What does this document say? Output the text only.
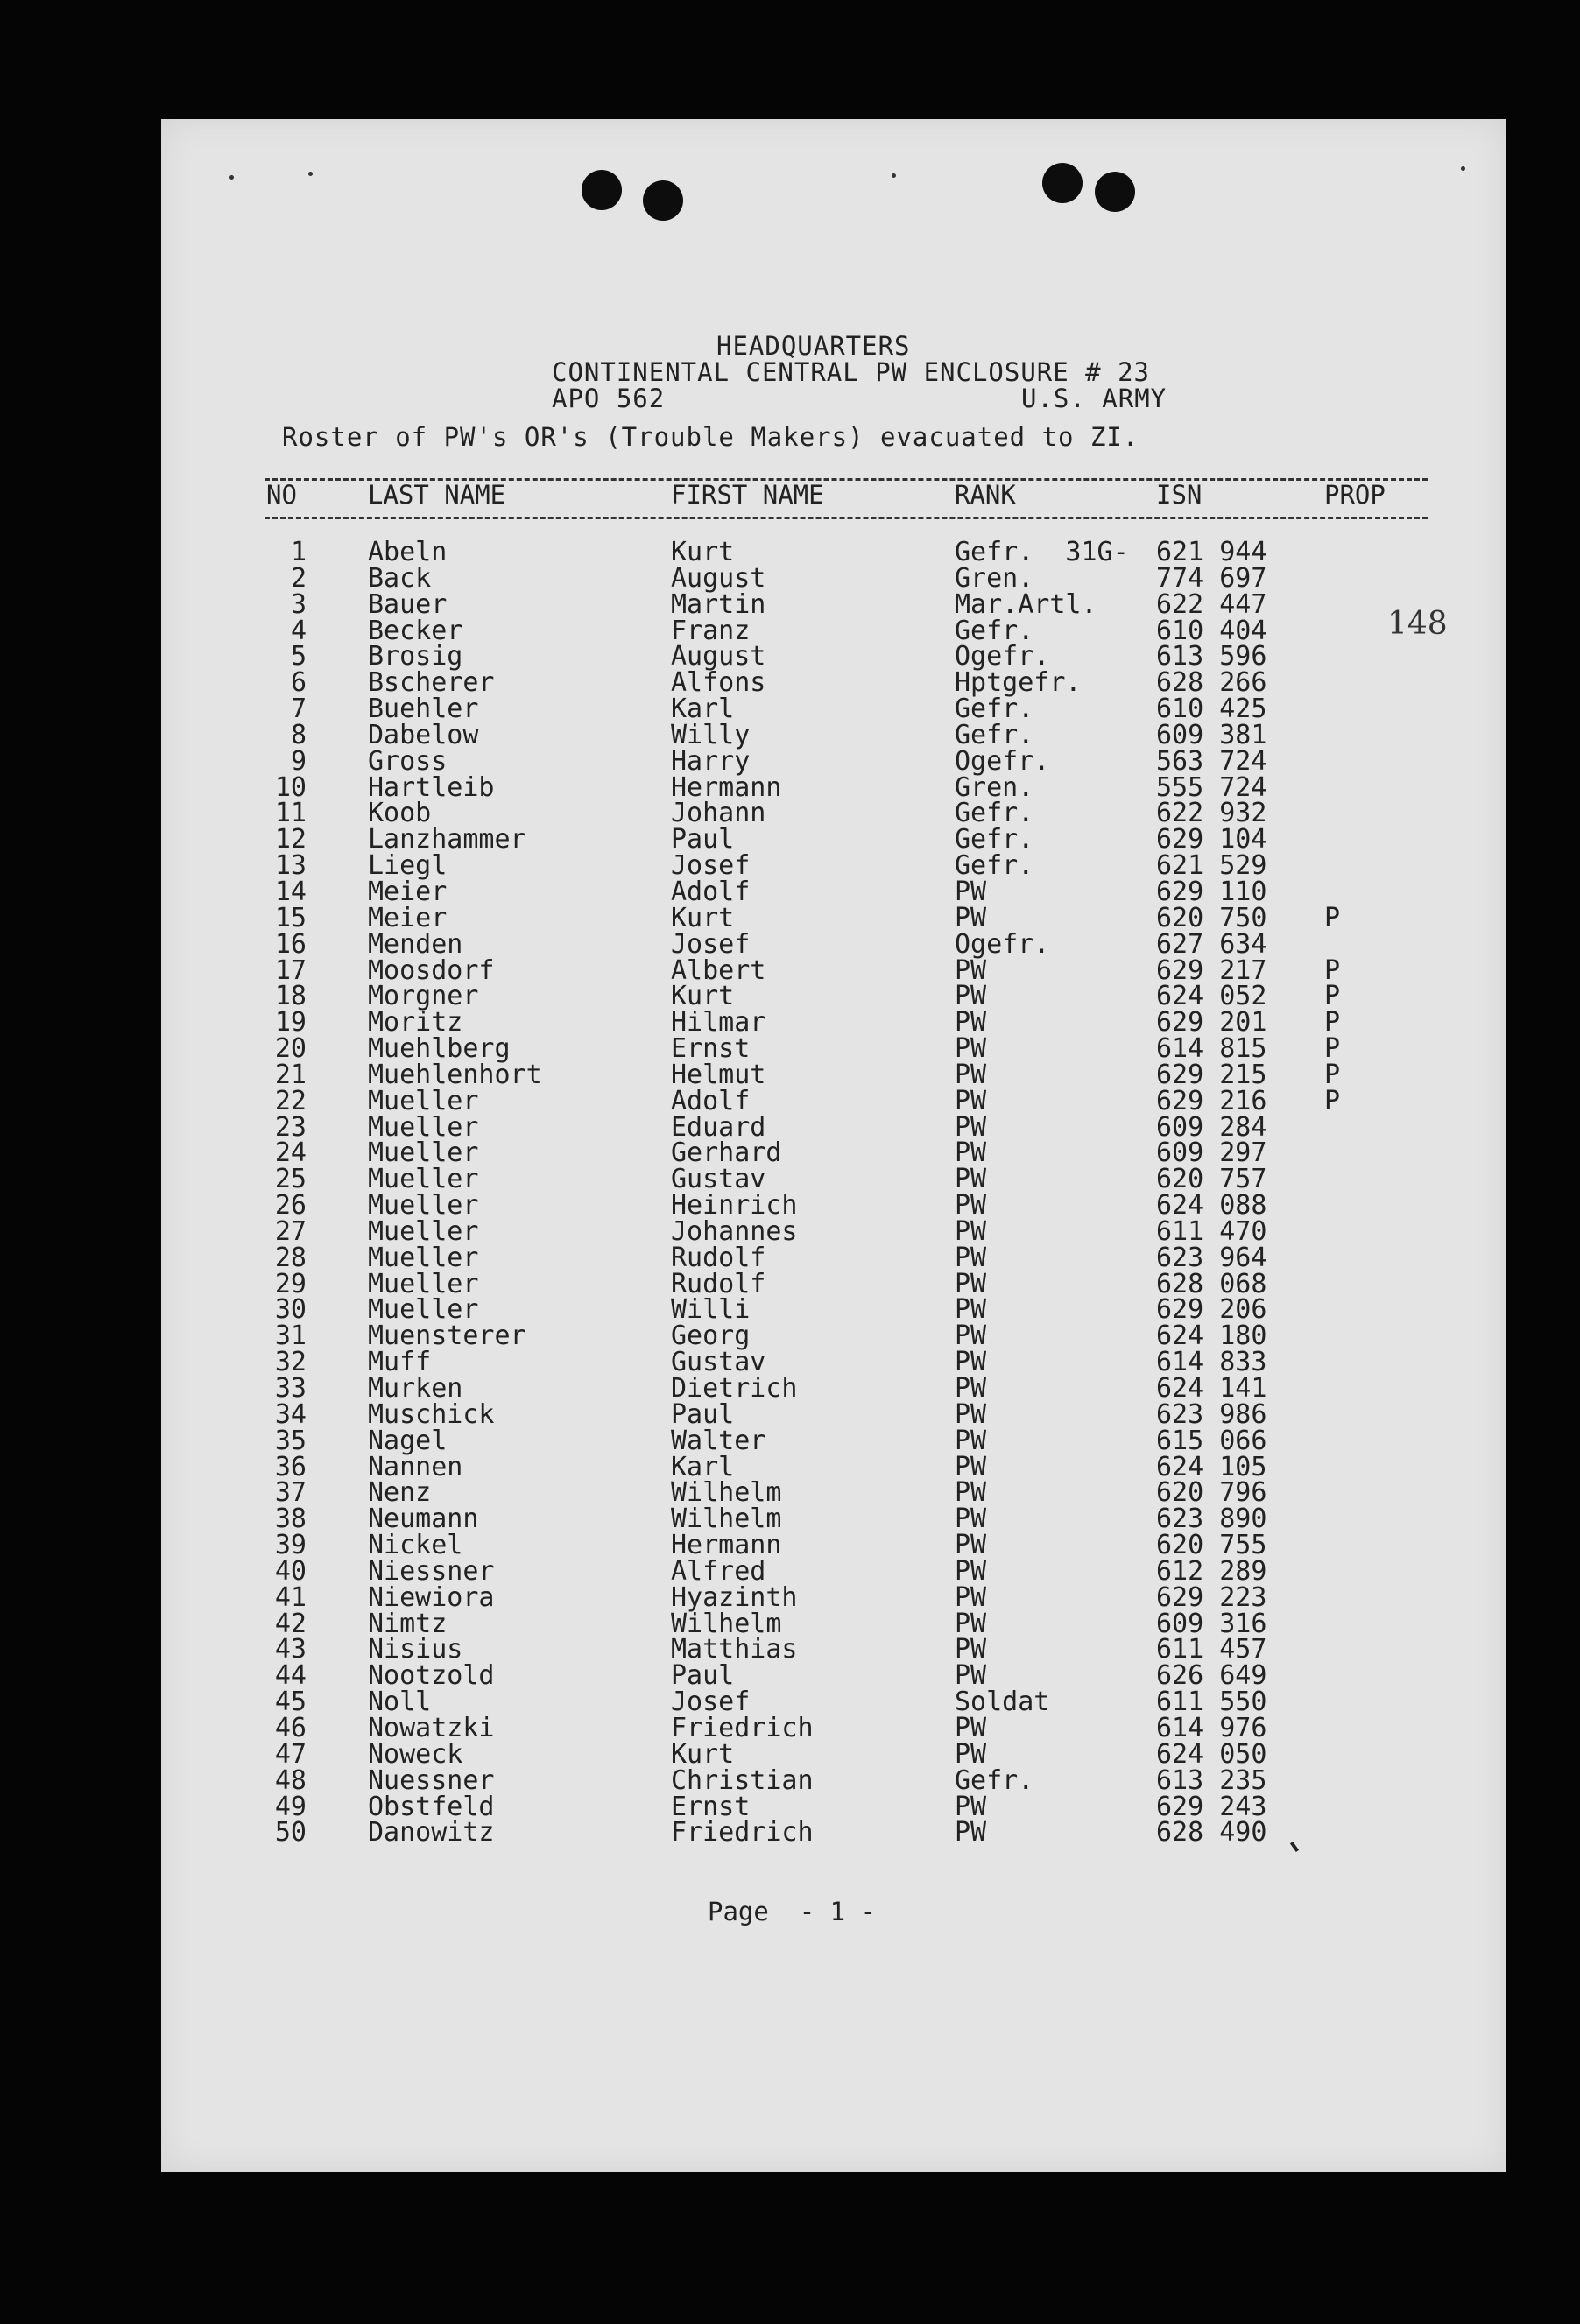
HEADQUARTERS
CONTINENTAL CENTRAL PW ENCLOSURE # 23
APO 562	U.S. ARMY
Roster of PW's OR's (Trouble Makers) evacuated to ZI.
NO	LAST NAME	FIRST NAME	RANK	ISN	PROP
148
1 Abeln	Kurt	Gefr.  31G- 621 944
2 Back	August	Gren.	774 697
3 Bauer	Martin	Mar.Artl. 622 447
4 Becker	Franz	Gefr.	610 404
5 Brosig	August	Ogefr.	613 596
6 Bscherer	Alfons	Hptgefr.	628 266
7 Buehler	Karl	Gefr.	610 425
8 Dabelow	Willy	Gefr.	609 381
9 Gross	Harry	Ogefr.	563 724
10 Hartleib	Hermann	Gren.	555 724
11 Koob	Johann	Gefr.	622 932
12 Lanzhammer	Paul	Gefr.	629 104
13 Liegl	Josef	Gefr.	621 529
14 Meier	Adolf	PW	629 110
15 Meier	Kurt	PW	620 750 P
16 Menden	Josef	Ogefr.	627 634
17 Moosdorf	Albert	PW	629 217 P
18 Morgner	Kurt	PW	624 052 P
19 Moritz	Hilmar	PW	629 201 P
20 Muehlberg	Ernst	PW	614 815 P
21 Muehlenhort	Helmut	PW	629 215 P
22 Mueller	Adolf	PW	629 216 P
23 Mueller	Eduard	PW	609 284
24 Mueller	Gerhard	PW	609 297
25 Mueller	Gustav	PW	620 757
26 Mueller	Heinrich	PW	624 088
27 Mueller	Johannes	PW	611 470
28 Mueller	Rudolf	PW	623 964
29 Mueller	Rudolf	PW	628 068
30 Mueller	Willi	PW	629 206
31 Muensterer	Georg	PW	624 180
32 Muff	Gustav	PW	614 833
33 Murken	Dietrich	PW	624 141
34 Muschick	Paul	PW	623 986
35 Nagel	Walter	PW	615 066
36 Nannen	Karl	PW	624 105
37 Nenz	Wilhelm	PW	620 796
38 Neumann	Wilhelm	PW	623 890
39 Nickel	Hermann	PW	620 755
40 Niessner	Alfred	PW	612 289
41 Niewiora	Hyazinth	PW	629 223
42 Nimtz	Wilhelm	PW	609 316
43 Nisius	Matthias	PW	611 457
44 Nootzold	Paul	PW	626 649
45 Noll	Josef	Soldat	611 550
46 Nowatzki	Friedrich	PW	614 976
47 Noweck	Kurt	PW	624 050
48 Nuessner	Christian	Gefr.	613 235
49 Obstfeld	Ernst	PW	629 243
50 Danowitz	Friedrich	PW	628 490
Page  - 1 -
